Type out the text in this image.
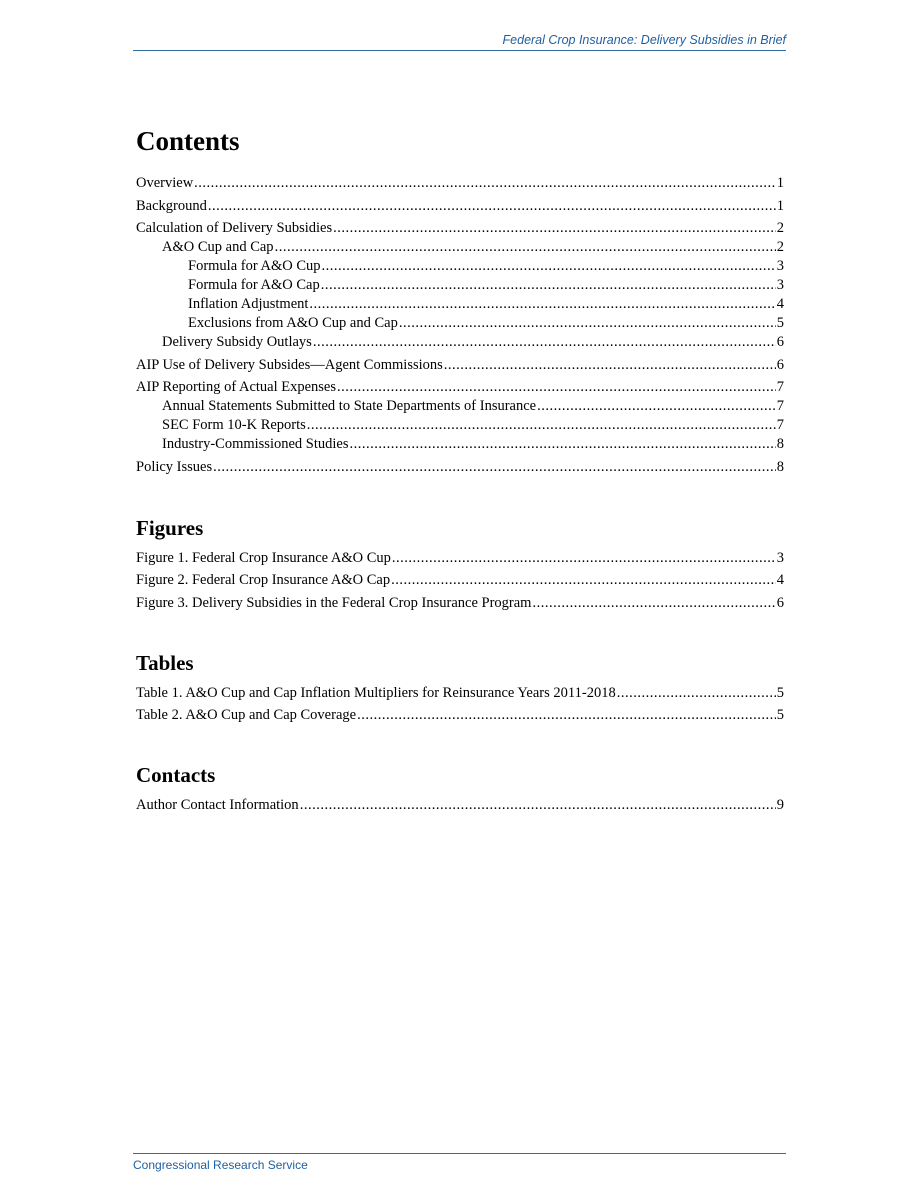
Federal Crop Insurance: Delivery Subsidies in Brief
Contents
Overview .....	1
Background .....	1
Calculation of Delivery Subsidies .....	2
A&O Cup and Cap .....	2
Formula for A&O Cup .....	3
Formula for A&O Cap .....	3
Inflation Adjustment .....	4
Exclusions from A&O Cup and Cap .....	5
Delivery Subsidy Outlays .....	6
AIP Use of Delivery Subsides—Agent Commissions .....	6
AIP Reporting of Actual Expenses .....	7
Annual Statements Submitted to State Departments of Insurance .....	7
SEC Form 10-K Reports .....	7
Industry-Commissioned Studies .....	8
Policy Issues .....	8
Figures
Figure 1. Federal Crop Insurance A&O Cup .....	3
Figure 2. Federal Crop Insurance A&O Cap .....	4
Figure 3. Delivery Subsidies in the Federal Crop Insurance Program .....	6
Tables
Table 1. A&O Cup and Cap Inflation Multipliers for Reinsurance Years 2011-2018 .....	5
Table 2. A&O Cup and Cap Coverage .....	5
Contacts
Author Contact Information .....	9
Congressional Research Service
